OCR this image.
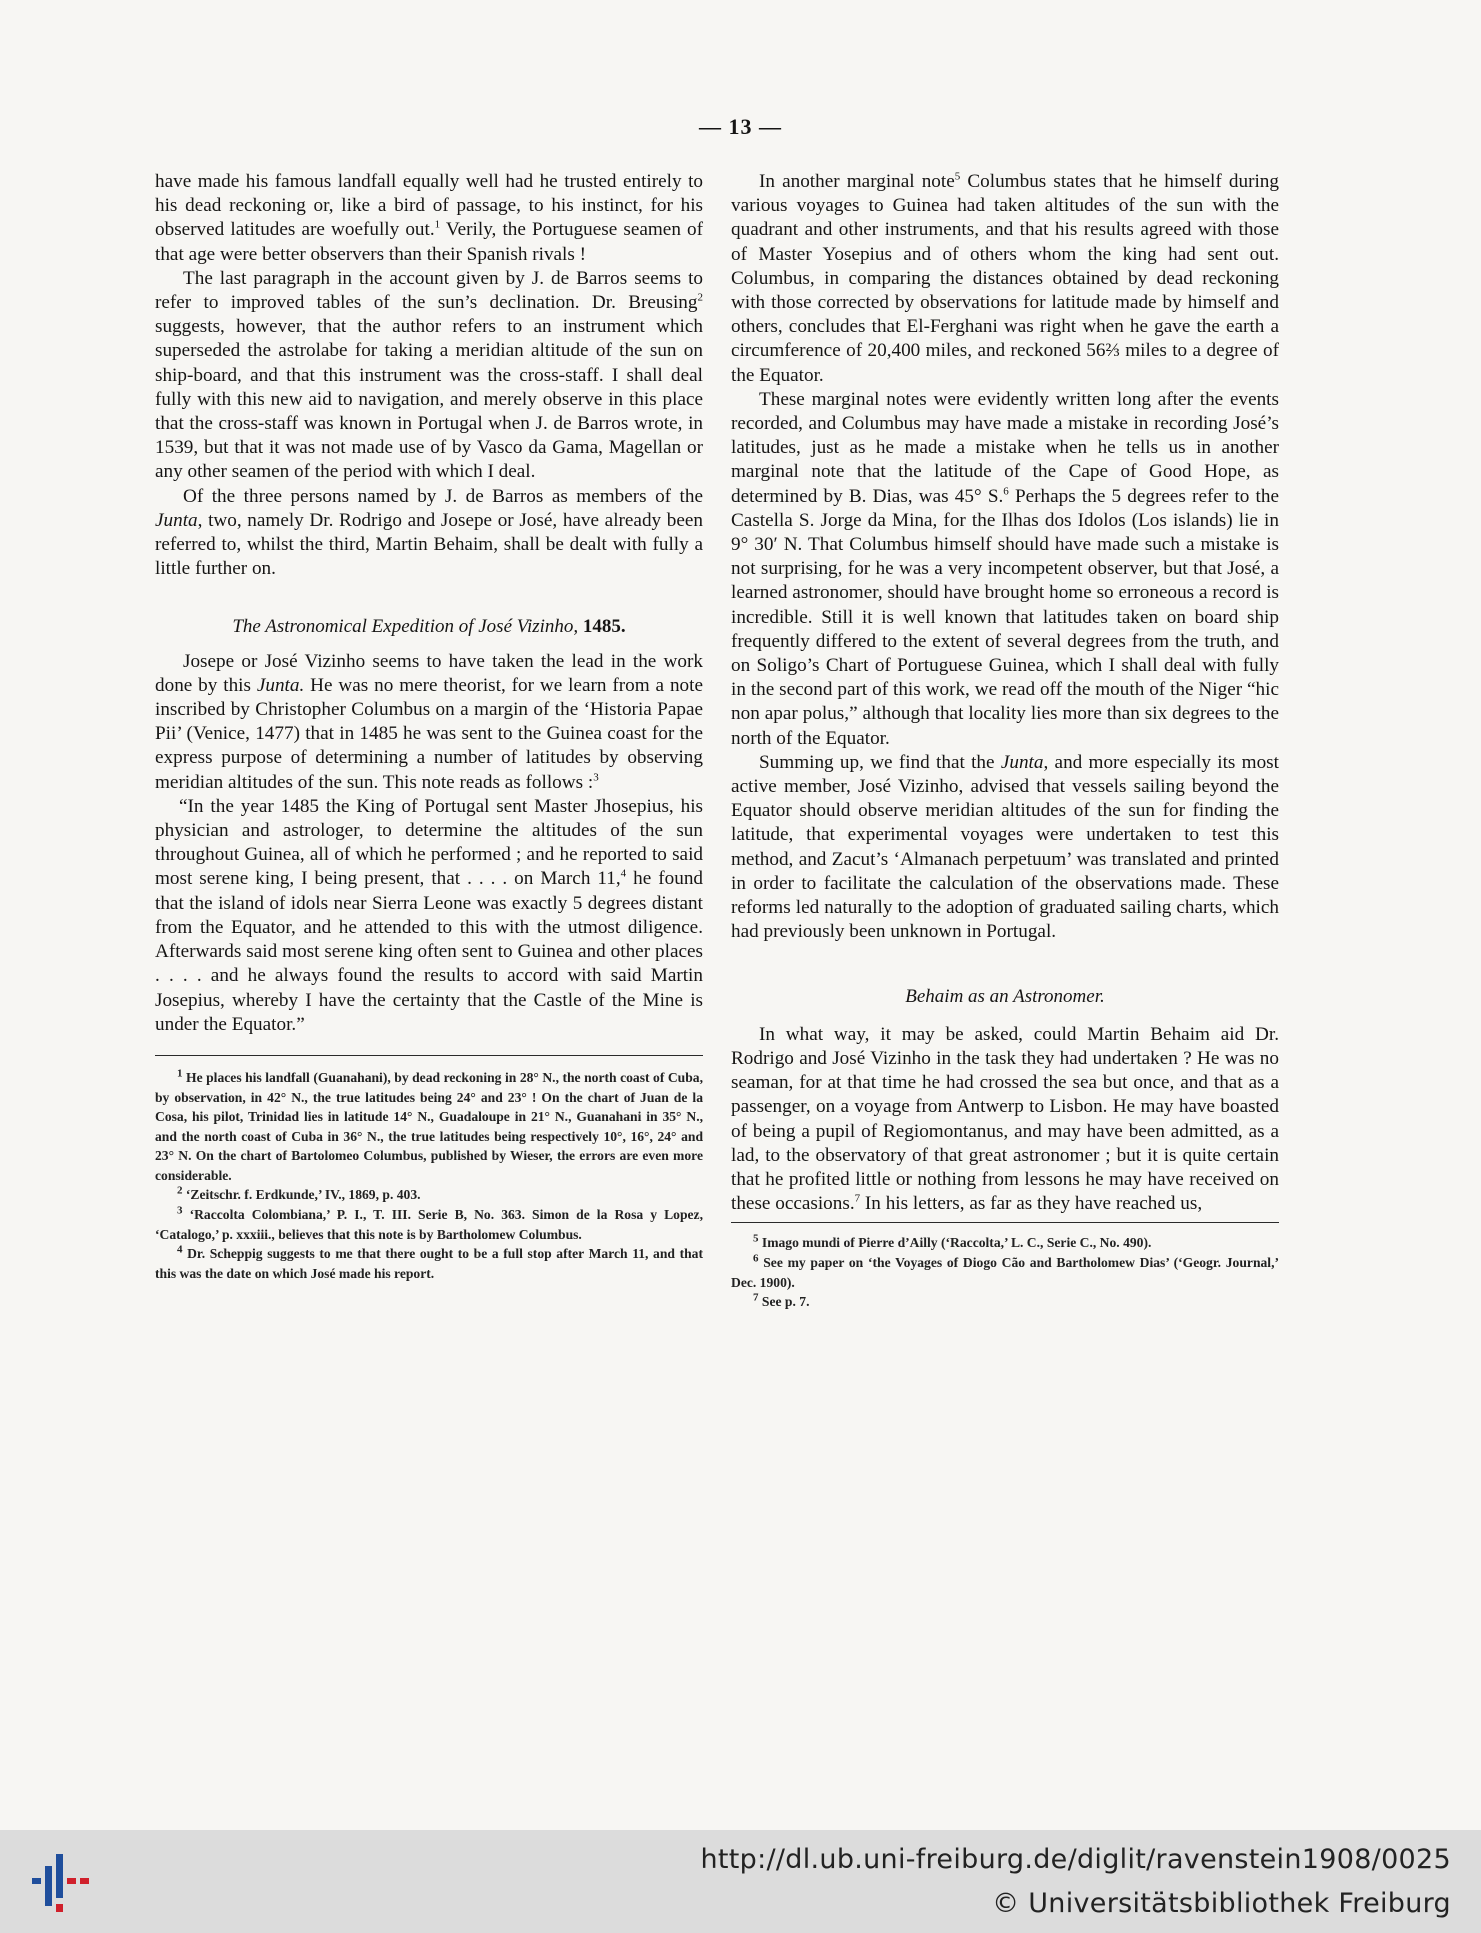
— 13 —

have made his famous landfall equally well had he trusted entirely to his dead reckoning or, like a bird of passage, to his instinct, for his observed latitudes are woefully out.$^1$ Verily, the Portuguese seamen of that age were better observers than their Spanish rivals !

The last paragraph in the account given by J. de Barros seems to refer to improved tables of the sun’s declination. Dr. Breusing$^2$ suggests, however, that the author refers to an instrument which superseded the astrolabe for taking a meridian altitude of the sun on ship-board, and that this instrument was the cross-staff. I shall deal fully with this new aid to navigation, and merely observe in this place that the cross-staff was known in Portugal when J. de Barros wrote, in 1539, but that it was not made use of by Vasco da Gama, Magellan or any other seamen of the period with which I deal.

Of the three persons named by J. de Barros as members of the Junta, two, namely Dr. Rodrigo and Josepe or José, have already been referred to, whilst the third, Martin Behaim, shall be dealt with fully a little further on.

The Astronomical Expedition of José Vizinho, 1485.

Josepe or José Vizinho seems to have taken the lead in the work done by this Junta. He was no mere theorist, for we learn from a note inscribed by Christopher Columbus on a margin of the ‘Historia Papae Pii’ (Venice, 1477) that in 1485 he was sent to the Guinea coast for the express purpose of determining a number of latitudes by observing meridian altitudes of the sun. This note reads as follows :$^3$

“In the year 1485 the King of Portugal sent Master Jhosepius, his physician and astrologer, to determine the altitudes of the sun throughout Guinea, all of which he performed ; and he reported to said most serene king, I being present, that . . . . on March 11,$^4$ he found that the island of idols near Sierra Leone was exactly 5 degrees distant from the Equator, and he attended to this with the utmost diligence. Afterwards said most serene king often sent to Guinea and other places . . . . and he always found the results to accord with said Martin Josepius, whereby I have the certainty that the Castle of the Mine is under the Equator.”

$^1$ He places his landfall (Guanahani), by dead reckoning in 28° N., the north coast of Cuba, by observation, in 42° N., the true latitudes being 24° and 23° ! On the chart of Juan de la Cosa, his pilot, Trinidad lies in latitude 14° N., Guadaloupe in 21° N., Guanahani in 35° N., and the north coast of Cuba in 36° N., the true latitudes being respectively 10°, 16°, 24° and 23° N. On the chart of Bartolomeo Columbus, published by Wieser, the errors are even more considerable.

$^2$ ‘Zeitschr. f. Erdkunde,’ IV., 1869, p. 403.

$^3$ ‘Raccolta Colombiana,’ P. I., T. III. Serie B, No. 363. Simon de la Rosa y Lopez, ‘Catalogo,’ p. xxxiii., believes that this note is by Bartholomew Columbus.

$^4$ Dr. Scheppig suggests to me that there ought to be a full stop after March 11, and that this was the date on which José made his report.

In another marginal note$^5$ Columbus states that he himself during various voyages to Guinea had taken altitudes of the sun with the quadrant and other instruments, and that his results agreed with those of Master Yosepius and of others whom the king had sent out. Columbus, in comparing the distances obtained by dead reckoning with those corrected by observations for latitude made by himself and others, concludes that El-Ferghani was right when he gave the earth a circumference of 20,400 miles, and reckoned 56⅔ miles to a degree of the Equator.

These marginal notes were evidently written long after the events recorded, and Columbus may have made a mistake in recording José’s latitudes, just as he made a mistake when he tells us in another marginal note that the latitude of the Cape of Good Hope, as determined by B. Dias, was 45° S.$^6$ Perhaps the 5 degrees refer to the Castella S. Jorge da Mina, for the Ilhas dos Idolos (Los islands) lie in 9° 30′ N. That Columbus himself should have made such a mistake is not surprising, for he was a very incompetent observer, but that José, a learned astronomer, should have brought home so erroneous a record is incredible. Still it is well known that latitudes taken on board ship frequently differed to the extent of several degrees from the truth, and on Soligo’s Chart of Portuguese Guinea, which I shall deal with fully in the second part of this work, we read off the mouth of the Niger “hic non apar polus,” although that locality lies more than six degrees to the north of the Equator.

Summing up, we find that the Junta, and more especially its most active member, José Vizinho, advised that vessels sailing beyond the Equator should observe meridian altitudes of the sun for finding the latitude, that experimental voyages were undertaken to test this method, and Zacut’s ‘Almanach perpetuum’ was translated and printed in order to facilitate the calculation of the observations made. These reforms led naturally to the adoption of graduated sailing charts, which had previously been unknown in Portugal.

Behaim as an Astronomer.

In what way, it may be asked, could Martin Behaim aid Dr. Rodrigo and José Vizinho in the task they had undertaken ? He was no seaman, for at that time he had crossed the sea but once, and that as a passenger, on a voyage from Antwerp to Lisbon. He may have boasted of being a pupil of Regiomontanus, and may have been admitted, as a lad, to the observatory of that great astronomer ; but it is quite certain that he profited little or nothing from lessons he may have received on these occasions.$^7$ In his letters, as far as they have reached us,

$^5$ Imago mundi of Pierre d’Ailly (‘Raccolta,’ L. C., Serie C., No. 490).

$^6$ See my paper on ‘the Voyages of Diogo Cão and Bartholomew Dias’ (‘Geogr. Journal,’ Dec. 1900).

$^7$ See p. 7.

http://dl.ub.uni-freiburg.de/diglit/ravenstein1908/0025
© Universitätsbibliothek Freiburg
